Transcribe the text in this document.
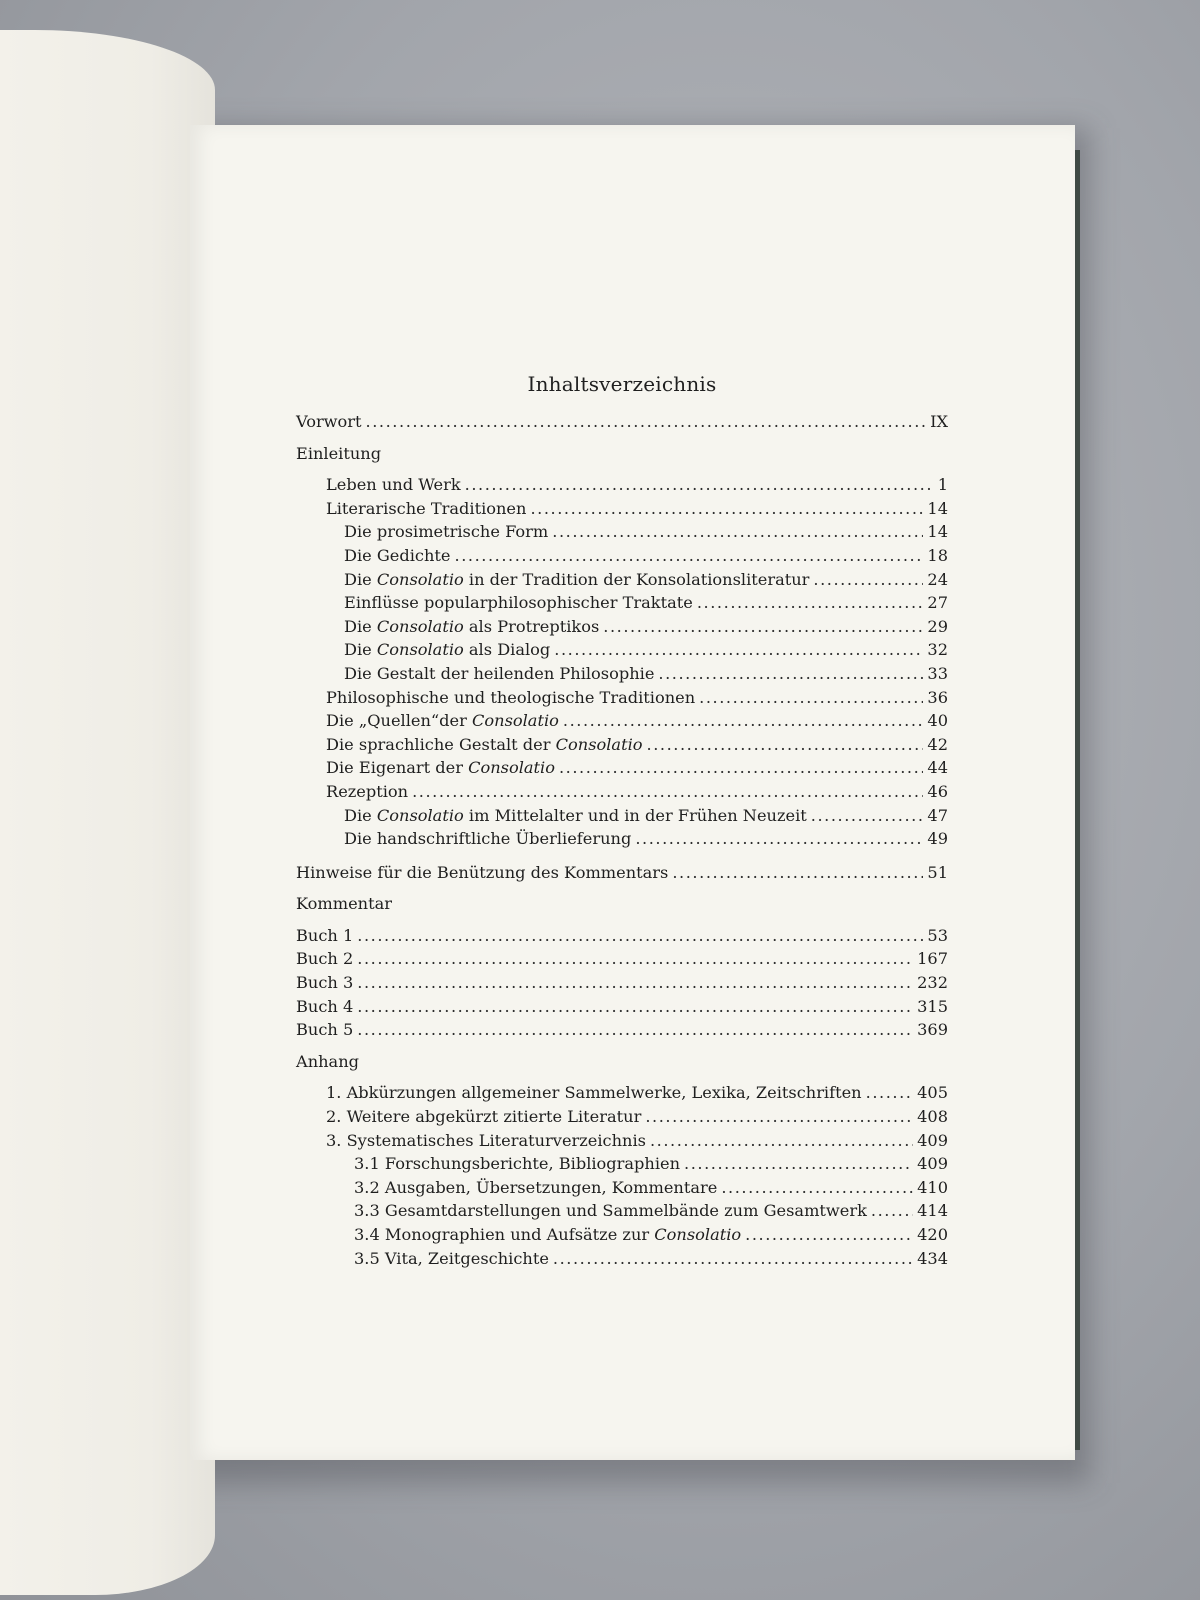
Inhaltsverzeichnis
Vorwort . . .	IX
Einleitung
Leben und Werk . . .	1
Literarische Traditionen . . .	14
Die prosimetrische Form . . .	14
Die Gedichte . . .	18
Die Consolatio in der Tradition der Konsolationsliteratur . . .	24
Einflüsse popularphilosophischer Traktate . . .	27
Die Consolatio als Protreptikos . . .	29
Die Consolatio als Dialog . . .	32
Die Gestalt der heilenden Philosophie . . .	33
Philosophische und theologische Traditionen . . .	36
Die „Quellen“der Consolatio . . .	40
Die sprachliche Gestalt der Consolatio . . .	42
Die Eigenart der Consolatio . . .	44
Rezeption . . .	46
Die Consolatio im Mittelalter und in der Frühen Neuzeit . . .	47
Die handschriftliche Überlieferung . . .	49
Hinweise für die Benützung des Kommentars . . .	51
Kommentar
Buch 1 . . .	53
Buch 2 . . .	167
Buch 3 . . .	232
Buch 4 . . .	315
Buch 5 . . .	369
Anhang
1. Abkürzungen allgemeiner Sammelwerke, Lexika, Zeitschriften . . .	405
2. Weitere abgekürzt zitierte Literatur . . .	408
3. Systematisches Literaturverzeichnis . . .	409
3.1 Forschungsberichte, Bibliographien . . .	409
3.2 Ausgaben, Übersetzungen, Kommentare . . .	410
3.3 Gesamtdarstellungen und Sammelbände zum Gesamtwerk . . .	414
3.4 Monographien und Aufsätze zur Consolatio . . .	420
3.5 Vita, Zeitgeschichte . . .	434
